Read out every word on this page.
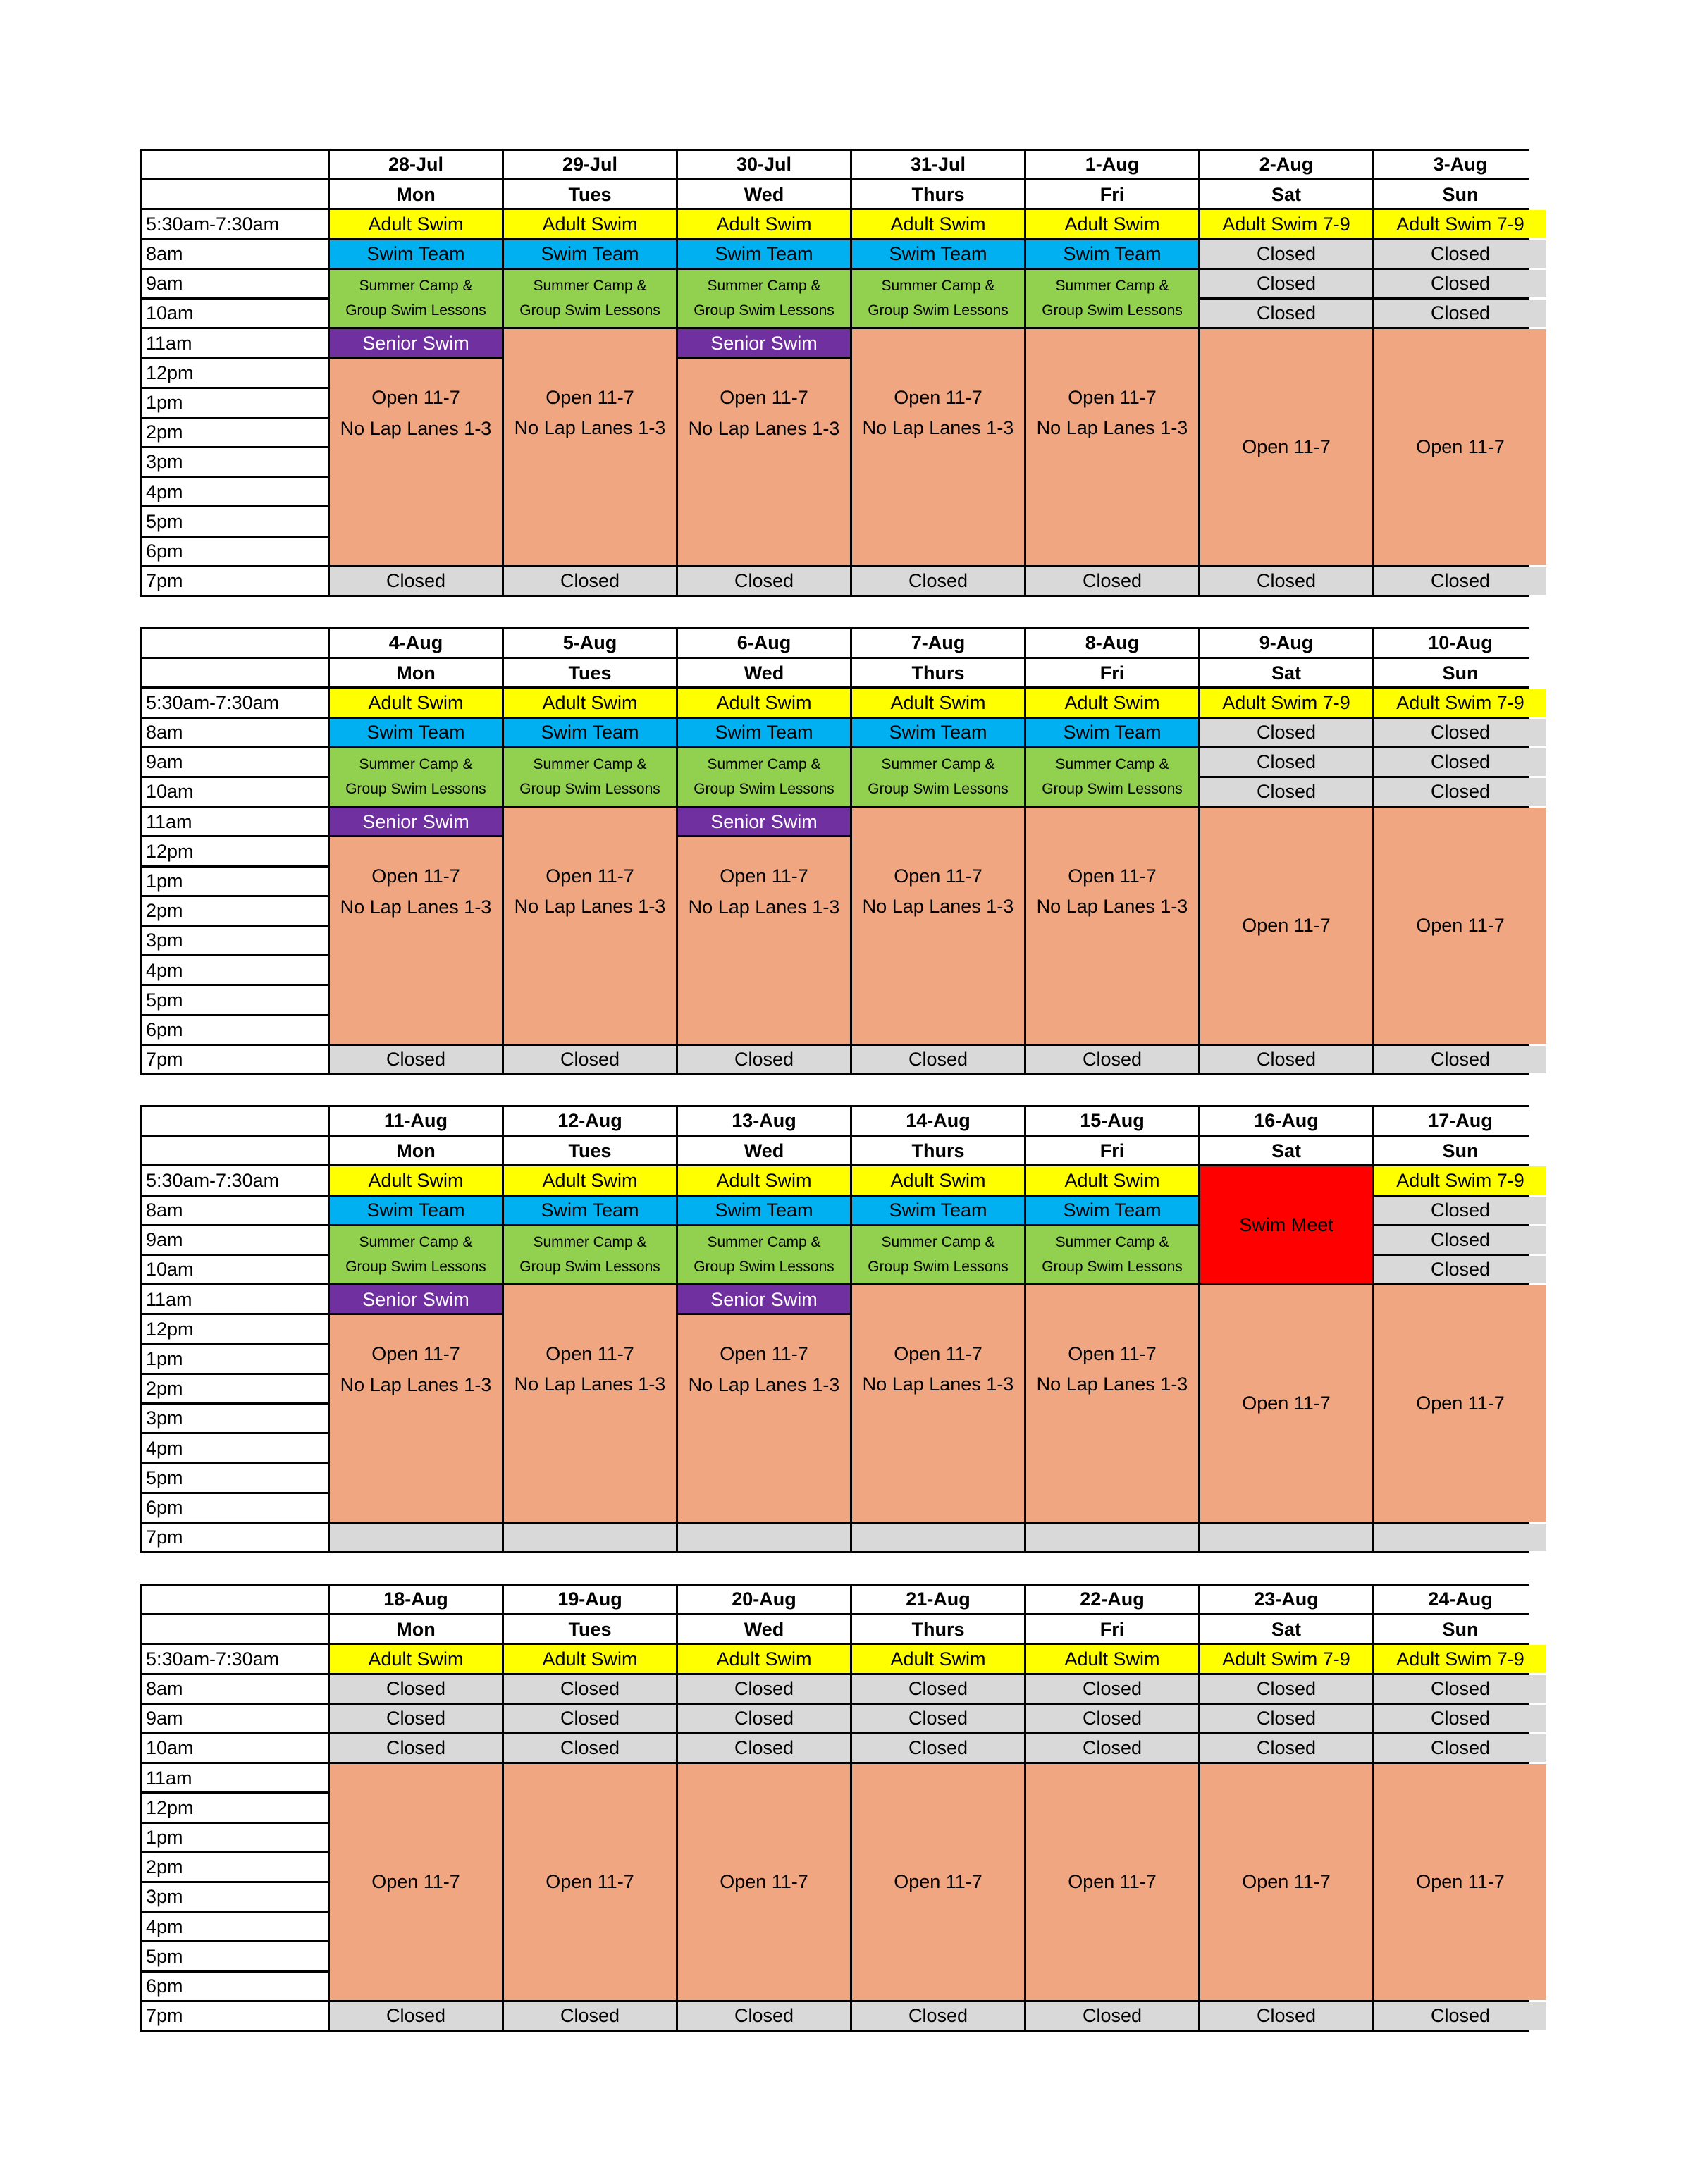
5:30am-7:30am
8am
9am
10am
11am
12pm
1pm
2pm
3pm
4pm
5pm
6pm
7pm
28-Jul
Mon
Adult Swim
Swim Team
Summer Camp &
Group Swim Lessons
Senior Swim
Open 11-7
No Lap Lanes 1-3
Closed
29-Jul
Tues
Adult Swim
Swim Team
Summer Camp &
Group Swim Lessons
Open 11-7
No Lap Lanes 1-3
Closed
30-Jul
Wed
Adult Swim
Swim Team
Summer Camp &
Group Swim Lessons
Senior Swim
Open 11-7
No Lap Lanes 1-3
Closed
31-Jul
Thurs
Adult Swim
Swim Team
Summer Camp &
Group Swim Lessons
Open 11-7
No Lap Lanes 1-3
Closed
1-Aug
Fri
Adult Swim
Swim Team
Summer Camp &
Group Swim Lessons
Open 11-7
No Lap Lanes 1-3
Closed
2-Aug
Sat
Adult Swim 7-9
Closed
Closed
Closed
Open 11-7
Closed
3-Aug
Sun
Adult Swim 7-9
Closed
Closed
Closed
Open 11-7
Closed
5:30am-7:30am
8am
9am
10am
11am
12pm
1pm
2pm
3pm
4pm
5pm
6pm
7pm
4-Aug
Mon
Adult Swim
Swim Team
Summer Camp &
Group Swim Lessons
Senior Swim
Open 11-7
No Lap Lanes 1-3
Closed
5-Aug
Tues
Adult Swim
Swim Team
Summer Camp &
Group Swim Lessons
Open 11-7
No Lap Lanes 1-3
Closed
6-Aug
Wed
Adult Swim
Swim Team
Summer Camp &
Group Swim Lessons
Senior Swim
Open 11-7
No Lap Lanes 1-3
Closed
7-Aug
Thurs
Adult Swim
Swim Team
Summer Camp &
Group Swim Lessons
Open 11-7
No Lap Lanes 1-3
Closed
8-Aug
Fri
Adult Swim
Swim Team
Summer Camp &
Group Swim Lessons
Open 11-7
No Lap Lanes 1-3
Closed
9-Aug
Sat
Adult Swim 7-9
Closed
Closed
Closed
Open 11-7
Closed
10-Aug
Sun
Adult Swim 7-9
Closed
Closed
Closed
Open 11-7
Closed
5:30am-7:30am
8am
9am
10am
11am
12pm
1pm
2pm
3pm
4pm
5pm
6pm
7pm
11-Aug
Mon
Adult Swim
Swim Team
Summer Camp &
Group Swim Lessons
Senior Swim
Open 11-7
No Lap Lanes 1-3
12-Aug
Tues
Adult Swim
Swim Team
Summer Camp &
Group Swim Lessons
Open 11-7
No Lap Lanes 1-3
13-Aug
Wed
Adult Swim
Swim Team
Summer Camp &
Group Swim Lessons
Senior Swim
Open 11-7
No Lap Lanes 1-3
14-Aug
Thurs
Adult Swim
Swim Team
Summer Camp &
Group Swim Lessons
Open 11-7
No Lap Lanes 1-3
15-Aug
Fri
Adult Swim
Swim Team
Summer Camp &
Group Swim Lessons
Open 11-7
No Lap Lanes 1-3
16-Aug
Sat
Swim Meet
Open 11-7
17-Aug
Sun
Adult Swim 7-9
Closed
Closed
Closed
Open 11-7
5:30am-7:30am
8am
9am
10am
11am
12pm
1pm
2pm
3pm
4pm
5pm
6pm
7pm
18-Aug
Mon
Adult Swim
Closed
Closed
Closed
Open 11-7
Closed
19-Aug
Tues
Adult Swim
Closed
Closed
Closed
Open 11-7
Closed
20-Aug
Wed
Adult Swim
Closed
Closed
Closed
Open 11-7
Closed
21-Aug
Thurs
Adult Swim
Closed
Closed
Closed
Open 11-7
Closed
22-Aug
Fri
Adult Swim
Closed
Closed
Closed
Open 11-7
Closed
23-Aug
Sat
Adult Swim 7-9
Closed
Closed
Closed
Open 11-7
Closed
24-Aug
Sun
Adult Swim 7-9
Closed
Closed
Closed
Open 11-7
Closed
